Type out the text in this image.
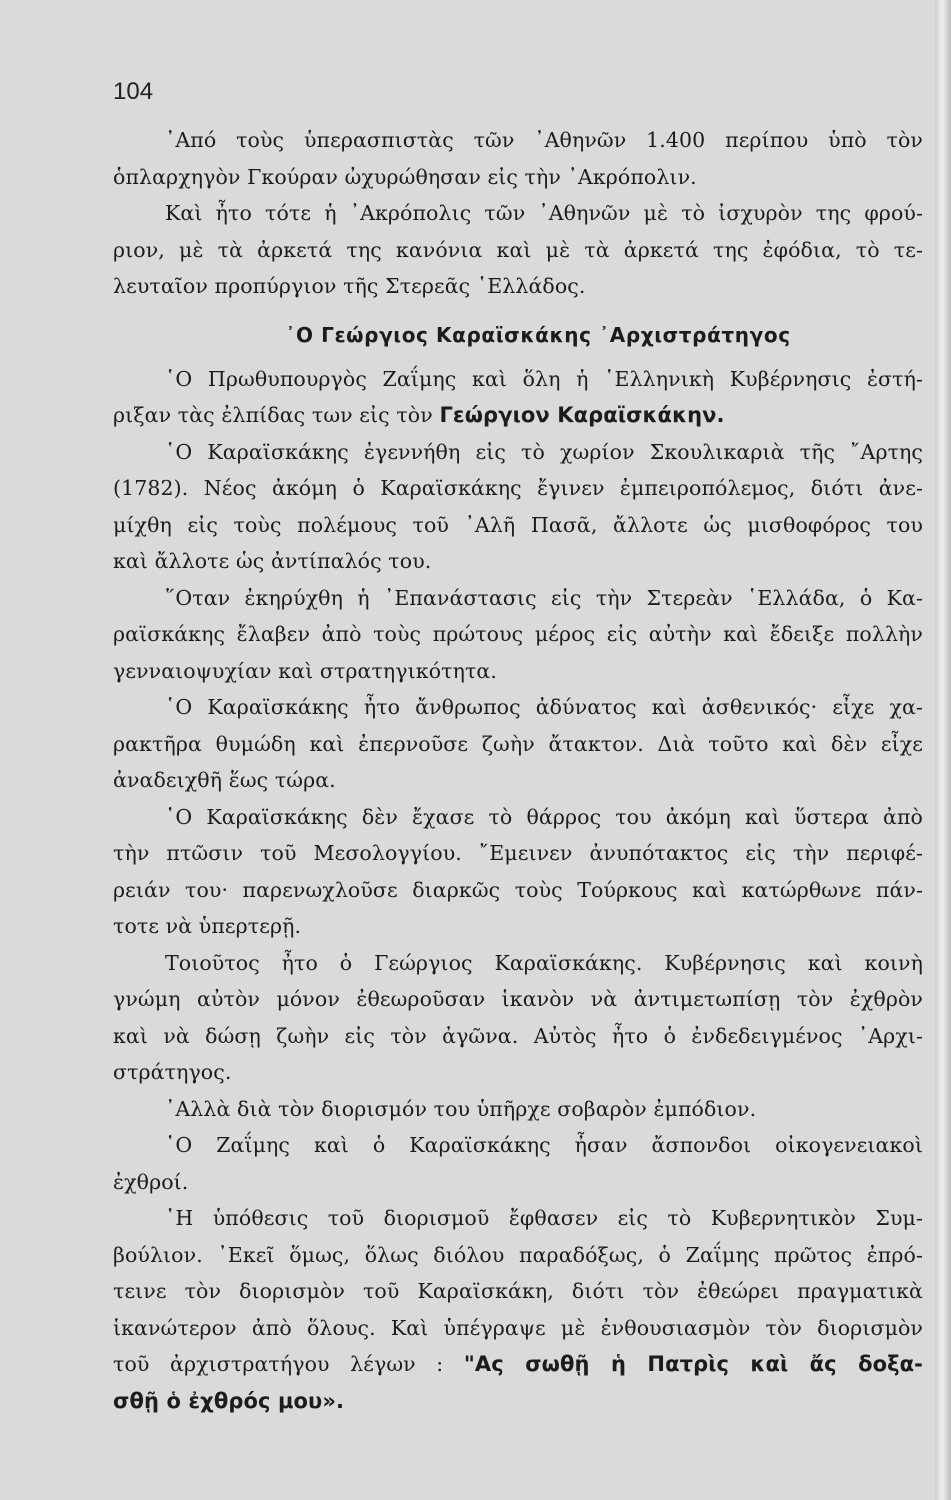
104
᾿Από τοὺς ὑπερασπιστὰς τῶν ᾿Αθηνῶν 1.400 περίπου ὑπὸ τὸν
ὁπλαρχηγὸν Γκούραν ὠχυρώθησαν εἰς τὴν ᾿Ακρόπολιν.
Καὶ ἦτο τότε ἡ ᾿Ακρόπολις τῶν ᾿Αθηνῶν μὲ τὸ ἰσχυρὸν της φρού-
ριον, μὲ τὰ ἀρκετά της κανόνια καὶ μὲ τὰ ἀρκετά της ἐφόδια, τὸ τε-
λευταῖον προπύργιον τῆς Στερεᾶς ῾Ελλάδος.
᾿Ο Γεώργιος Καραϊσκάκης ᾿Αρχιστράτηγος
῾Ο Πρωθυπουργὸς Ζαΐμης καὶ ὅλη ἡ ῾Ελληνικὴ Κυβέρνησις ἐστή-
ριξαν τὰς ἐλπίδας των εἰς τὸν Γεώργιον Καραϊσκάκην.
῾Ο Καραϊσκάκης ἐγεννήθη εἰς τὸ χωρίον Σκουλικαριὰ τῆς ῎Αρτης
(1782). Νέος ἀκόμη ὁ Καραϊσκάκης ἔγινεν ἐμπειροπόλεμος, διότι ἀνε-
μίχθη εἰς τοὺς πολέμους τοῦ ᾿Αλῆ Πασᾶ, ἄλλοτε ὡς μισθοφόρος του
καὶ ἄλλοτε ὡς ἀντίπαλός του.
῞Οταν ἐκηρύχθη ἡ ᾿Επανάστασις εἰς τὴν Στερεὰν ῾Ελλάδα, ὁ Κα-
ραϊσκάκης ἔλαβεν ἀπὸ τοὺς πρώτους μέρος εἰς αὐτὴν καὶ ἔδειξε πολλὴν
γενναιοψυχίαν καὶ στρατηγικότητα.
῾Ο Καραϊσκάκης ἦτο ἄνθρωπος ἀδύνατος καὶ ἀσθενικός· εἶχε χα-
ρακτῆρα θυμώδη καὶ ἐπερνοῦσε ζωὴν ἄτακτον. Διὰ τοῦτο καὶ δὲν εἶχε
ἀναδειχθῆ ἕως τώρα.
῾Ο Καραϊσκάκης δὲν ἔχασε τὸ θάρρος του ἀκόμη καὶ ὕστερα ἀπὸ
τὴν πτῶσιν τοῦ Μεσολογγίου. ῎Εμεινεν ἀνυπότακτος εἰς τὴν περιφέ-
ρειάν του· παρενωχλοῦσε διαρκῶς τοὺς Τούρκους καὶ κατώρθωνε πάν-
τοτε νὰ ὑπερτερῇ.
Τοιοῦτος ἦτο ὁ Γεώργιος Καραϊσκάκης. Κυβέρνησις καὶ κοινὴ
γνώμη αὐτὸν μόνον ἐθεωροῦσαν ἱκανὸν νὰ ἀντιμετωπίσῃ τὸν ἐχθρὸν
καὶ νὰ δώσῃ ζωὴν εἰς τὸν ἀγῶνα. Αὐτὸς ἦτο ὁ ἐνδεδειγμένος ᾿Αρχι-
στράτηγος.
᾿Αλλὰ διὰ τὸν διορισμόν του ὑπῆρχε σοβαρὸν ἐμπόδιον.
῾Ο Ζαΐμης καὶ ὁ Καραϊσκάκης ἦσαν ἄσπονδοι οἰκογενειακοὶ
ἐχθροί.
῾Η ὑπόθεσις τοῦ διορισμοῦ ἔφθασεν εἰς τὸ Κυβερνητικὸν Συμ-
βούλιον. ᾿Εκεῖ ὅμως, ὅλως διόλου παραδόξως, ὁ Ζαΐμης πρῶτος ἐπρό-
τεινε τὸν διορισμὸν τοῦ Καραϊσκάκη, διότι τὸν ἐθεώρει πραγματικὰ
ἱκανώτερον ἀπὸ ὅλους. Καὶ ὑπέγραψε μὲ ἐνθουσιασμὸν τὸν διορισμὸν
τοῦ ἀρχιστρατήγου λέγων : "Ας σωθῇ ἡ Πατρὶς καὶ ἄς δοξα-
σθῇ ὁ ἐχθρός μου».
